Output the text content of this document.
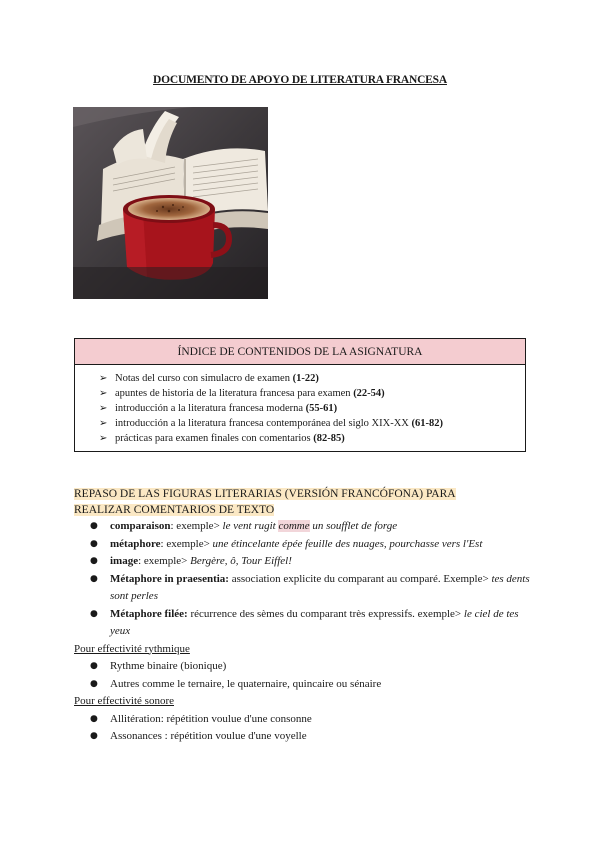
DOCUMENTO DE APOYO DE LITERATURA FRANCESA
ÍNDICE DE CONTENIDOS DE LA ASIGNATURA
➢ Notas del curso con simulacro de examen (1-22)
➢ apuntes de historia de la literatura francesa para examen (22-54)
➢ introducción a la literatura francesa moderna (55-61)
➢ introducción a la literatura francesa contemporánea del siglo XIX-XX (61-82)
➢ prácticas para examen finales con comentarios (82-85)
REPASO DE LAS FIGURAS LITERARIAS (VERSIÓN FRANCÓFONA) PARA REALIZAR COMENTARIOS DE TEXTO
● comparaison: exemple> le vent rugit comme un soufflet de forge
● métaphore: exemple> une étincelante épée feuille des nuages, pourchasse vers l'Est
● image: exemple> Bergère, ô, Tour Eiffel!
● Métaphore in praesentia: association explicite du comparant au comparé. Exemple> tes dents sont perles
● Métaphore filée: récurrence des sèmes du comparant très expressifs. exemple> le ciel de tes yeux
Pour effectivité rythmique
● Rythme binaire (bionique)
● Autres comme le ternaire, le quaternaire, quincaire ou sénaire
Pour effectivité sonore
● Allitération: répétition voulue d'une consonne
● Assonances : répétition voulue d'une voyelle
